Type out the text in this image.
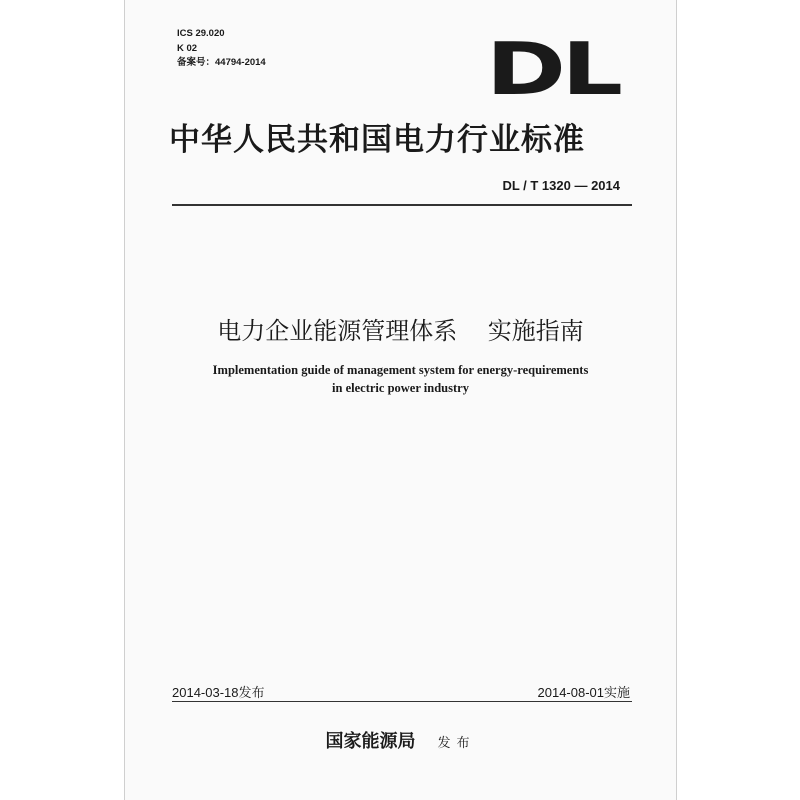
ICS 29.020
K 02
备案号：44794-2014	DL
中华人民共和国电力行业标准
DL / T 1320 — 2014
电力企业能源管理体系    实施指南
Implementation guide of management system for energy-requirements
in electric power industry
2014-03-18发布	2014-08-01实施
国家能源局 发布
